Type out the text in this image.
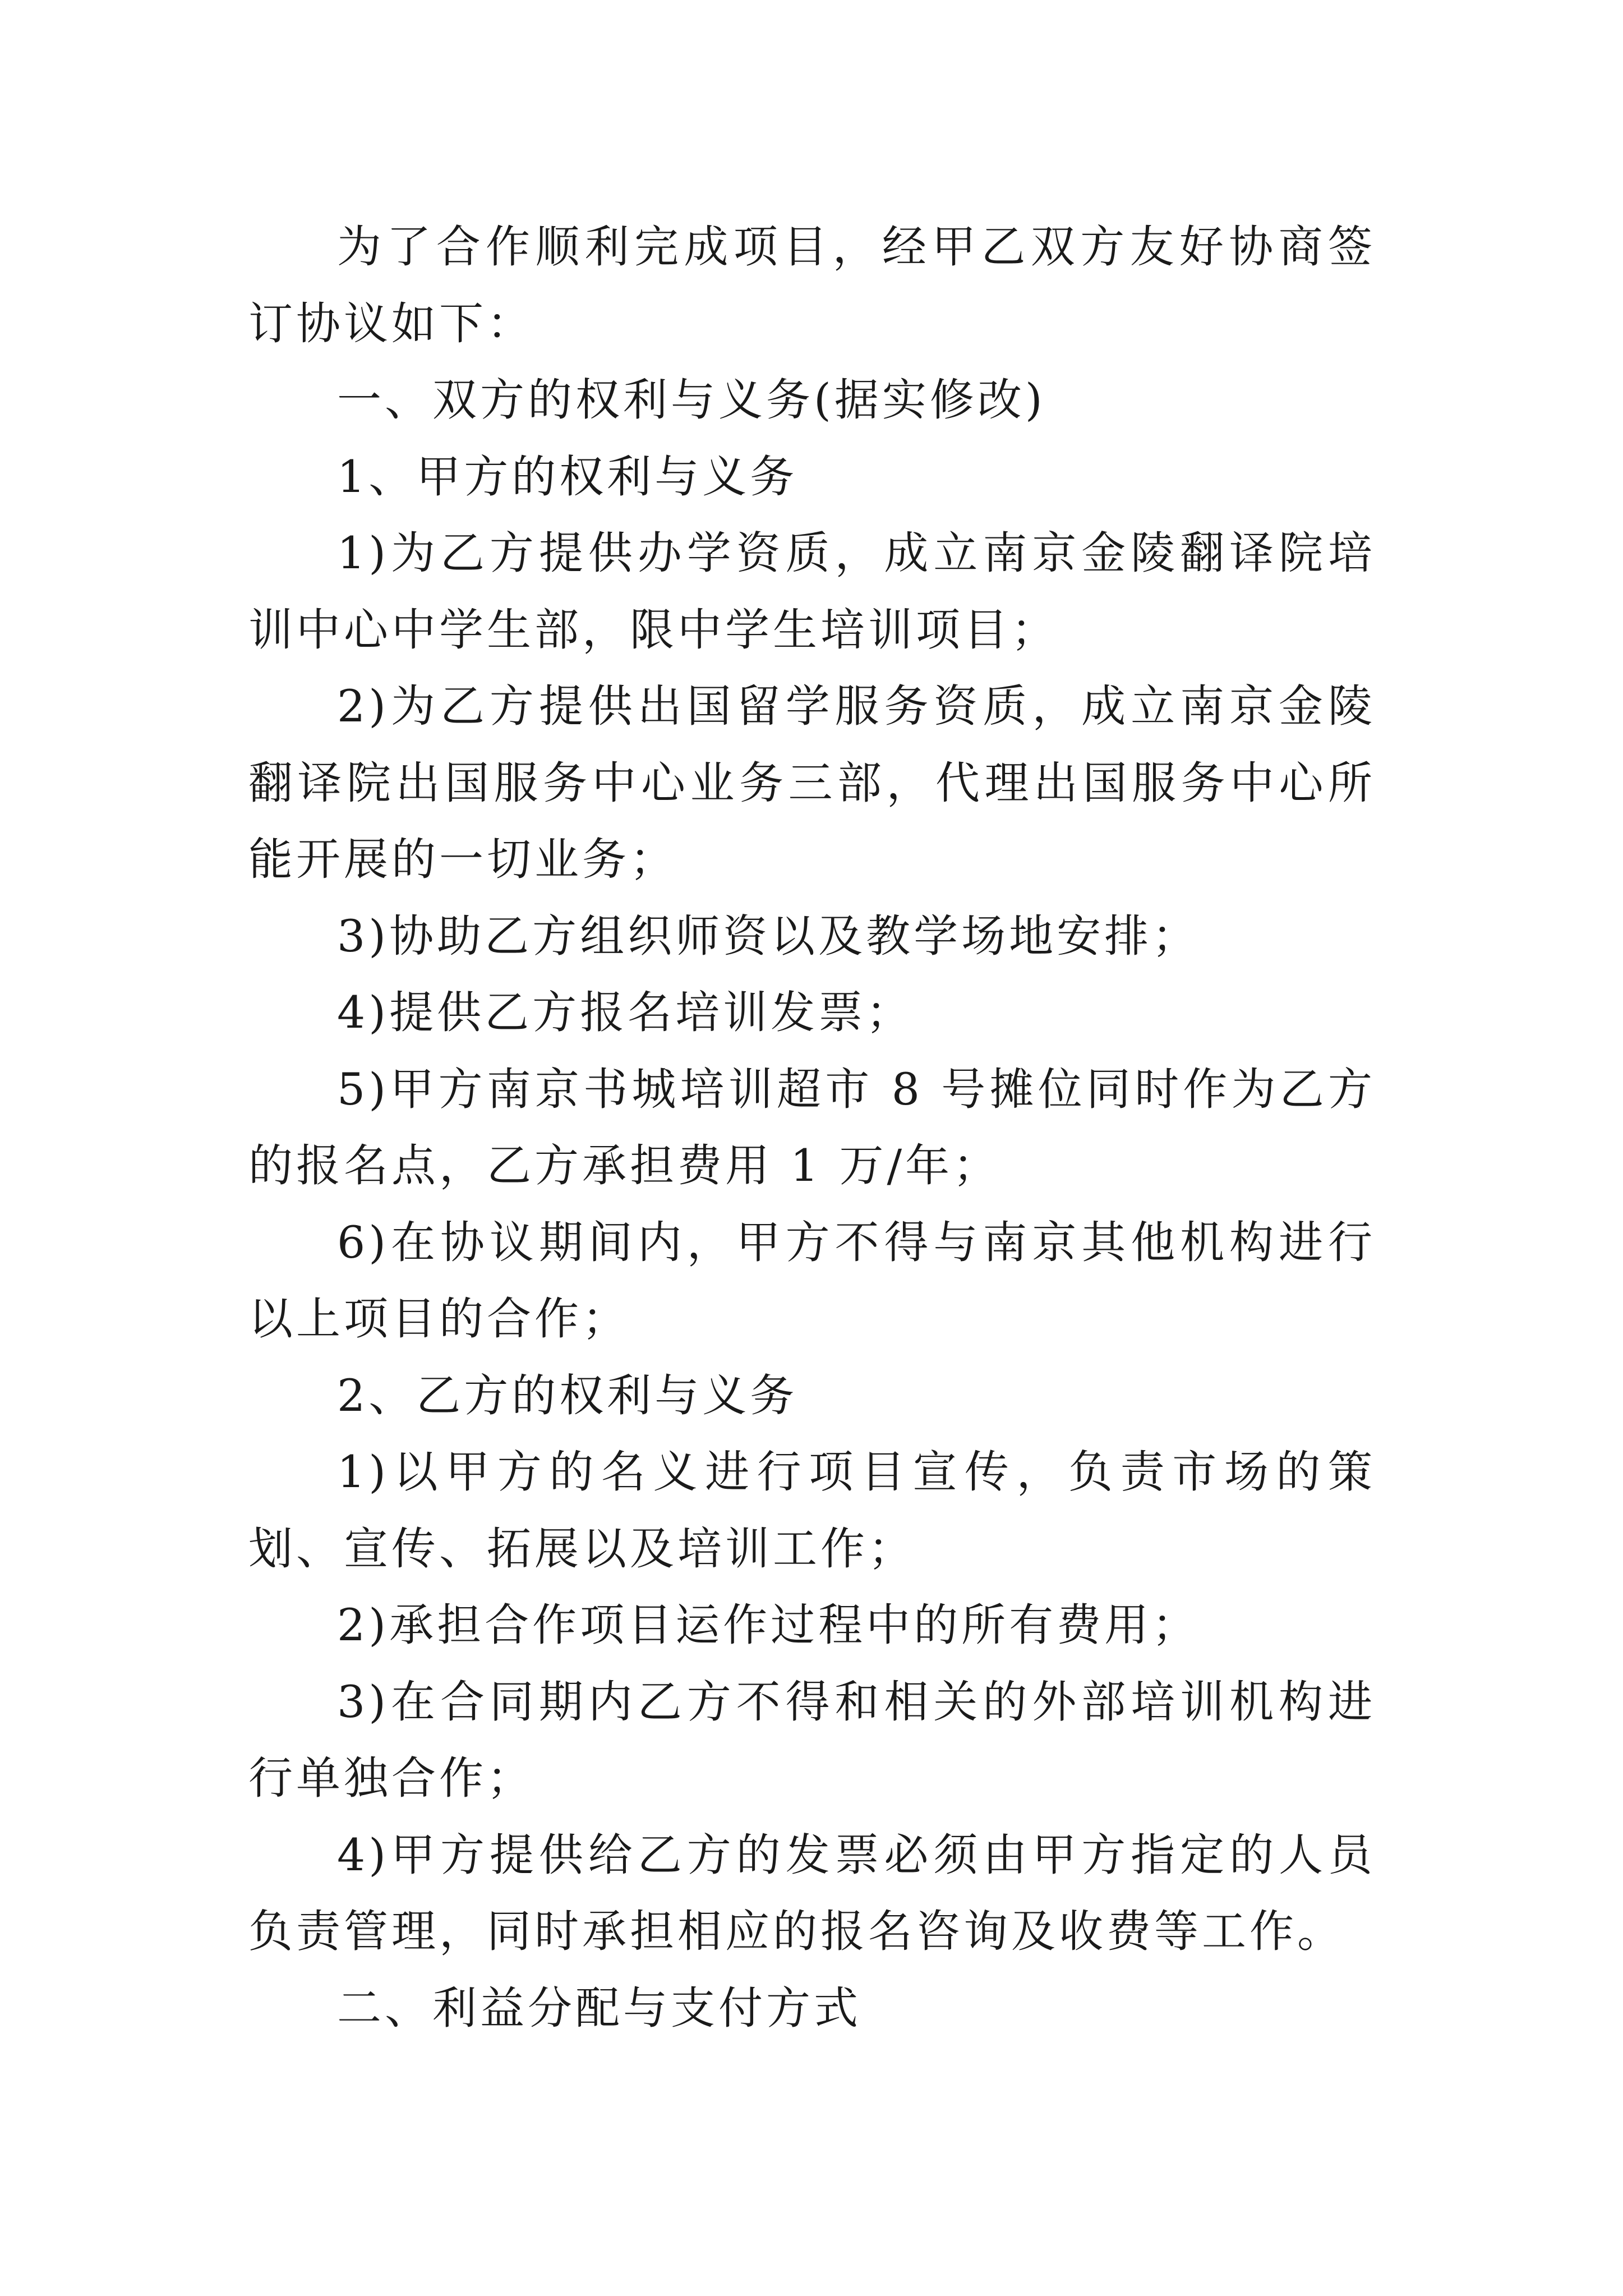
为了合作顺利完成项目，经甲乙双方友好协商签订协议如下：

一、双方的权利与义务(据实修改)

1、甲方的权利与义务

1)为乙方提供办学资质，成立南京金陵翻译院培训中心中学生部，限中学生培训项目；

2)为乙方提供出国留学服务资质，成立南京金陵翻译院出国服务中心业务三部，代理出国服务中心所能开展的一切业务；

3)协助乙方组织师资以及教学场地安排；

4)提供乙方报名培训发票；

5)甲方南京书城培训超市 8 号摊位同时作为乙方的报名点，乙方承担费用 1 万/年；

6)在协议期间内，甲方不得与南京其他机构进行以上项目的合作；

2、乙方的权利与义务

1)以甲方的名义进行项目宣传，负责市场的策划、宣传、拓展以及培训工作；

2)承担合作项目运作过程中的所有费用；

3)在合同期内乙方不得和相关的外部培训机构进行单独合作；

4)甲方提供给乙方的发票必须由甲方指定的人员负责管理，同时承担相应的报名咨询及收费等工作。

二、利益分配与支付方式
